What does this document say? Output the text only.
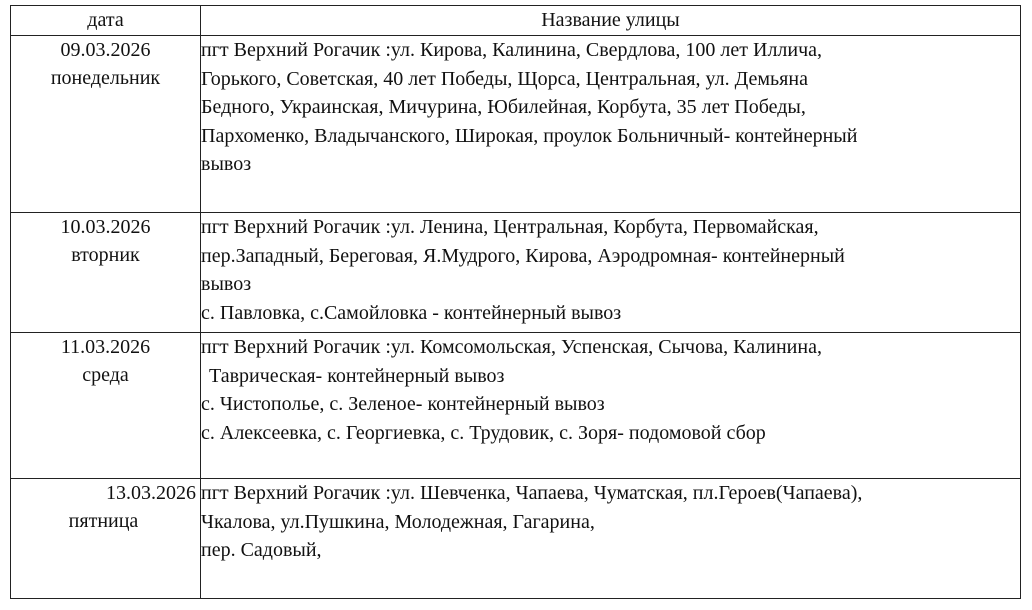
дата	Название улицы

09.03.2026
понедельник	пгт Верхний Рогачик :ул. Кирова, Калинина, Свердлова, 100 лет Иллича,
Горького, Советская, 40 лет Победы, Щорса, Центральная, ул. Демьяна
Бедного, Украинская, Мичурина, Юбилейная, Корбута, 35 лет Победы,
Пархоменко, Владычанского, Широкая, проулок Больничный- контейнерный
вывоз

10.03.2026
вторник	пгт Верхний Рогачик :ул. Ленина, Центральная, Корбута, Первомайская,
пер.Западный, Береговая, Я.Мудрого, Кирова, Аэродромная- контейнерный
вывоз
с. Павловка, с.Самойловка - контейнерный вывоз

11.03.2026
среда	пгт Верхний Рогачик :ул. Комсомольская, Успенская, Сычова, Калинина,
Таврическая- контейнерный вывоз
с. Чистополье, с. Зеленое- контейнерный вывоз
с. Алексеевка, с. Георгиевка, с. Трудовик, с. Зоря- подомовой сбор

13.03.2026
пятница	пгт Верхний Рогачик :ул. Шевченка, Чапаева, Чуматская, пл.Героев(Чапаева),
Чкалова, ул.Пушкина, Молодежная, Гагарина,
пер. Садовый,
